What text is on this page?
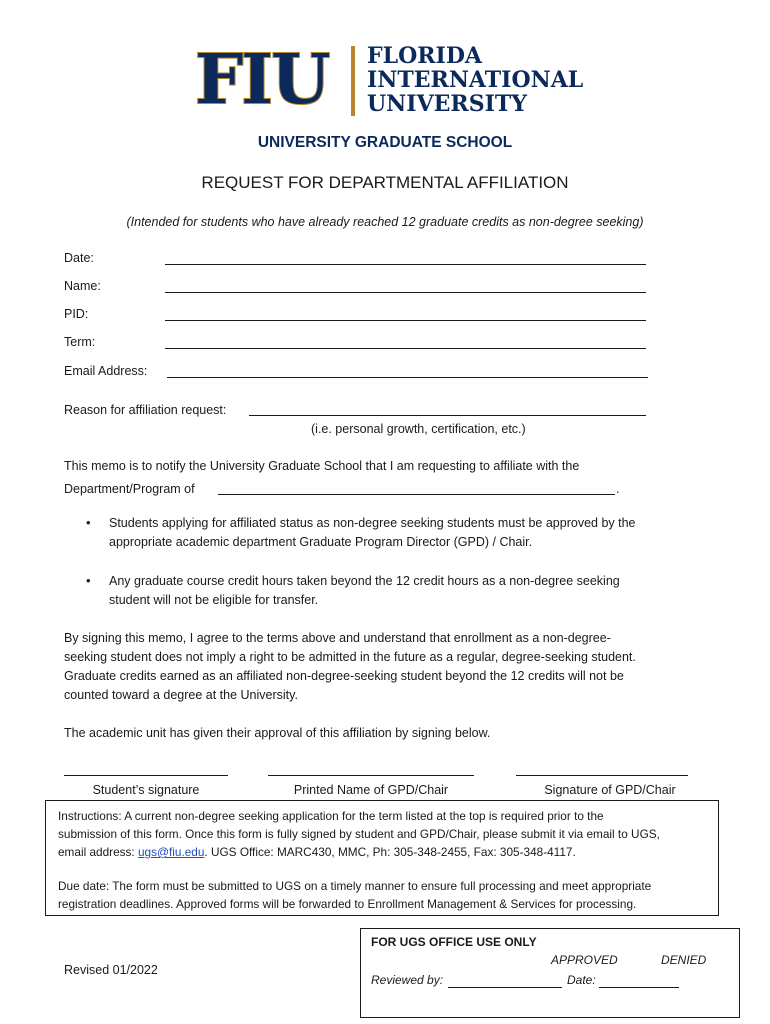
FIU FLORIDA
INTERNATIONAL
UNIVERSITY
UNIVERSITY GRADUATE SCHOOL
REQUEST FOR DEPARTMENTAL AFFILIATION
(Intended for students who have already reached 12 graduate credits as non-degree seeking)
Date:
Name:
PID:
Term:
Email Address:
Reason for affiliation request:
(i.e. personal growth, certification, etc.)
This memo is to notify the University Graduate School that I am requesting to affiliate with the
Department/Program of	.
• Students applying for affiliated status as non-degree seeking students must be approved by the
appropriate academic department Graduate Program Director (GPD) / Chair.
• Any graduate course credit hours taken beyond the 12 credit hours as a non-degree seeking
student will not be eligible for transfer.
By signing this memo, I agree to the terms above and understand that enrollment as a non-degree-
seeking student does not imply a right to be admitted in the future as a regular, degree-seeking student.
Graduate credits earned as an affiliated non-degree-seeking student beyond the 12 credits will not be
counted toward a degree at the University.
The academic unit has given their approval of this affiliation by signing below.
Student’s signature	Printed Name of GPD/Chair	Signature of GPD/Chair
Instructions: A current non-degree seeking application for the term listed at the top is required prior to the
submission of this form. Once this form is fully signed by student and GPD/Chair, please submit it via email to UGS,
email address: ugs@fiu.edu. UGS Office: MARC430, MMC, Ph: 305-348-2455, Fax: 305-348-4117.
Due date: The form must be submitted to UGS on a timely manner to ensure full processing and meet appropriate
registration deadlines. Approved forms will be forwarded to Enrollment Management & Services for processing.
Revised 01/2022
FOR UGS OFFICE USE ONLY
APPROVED	DENIED
Reviewed by:	Date:
